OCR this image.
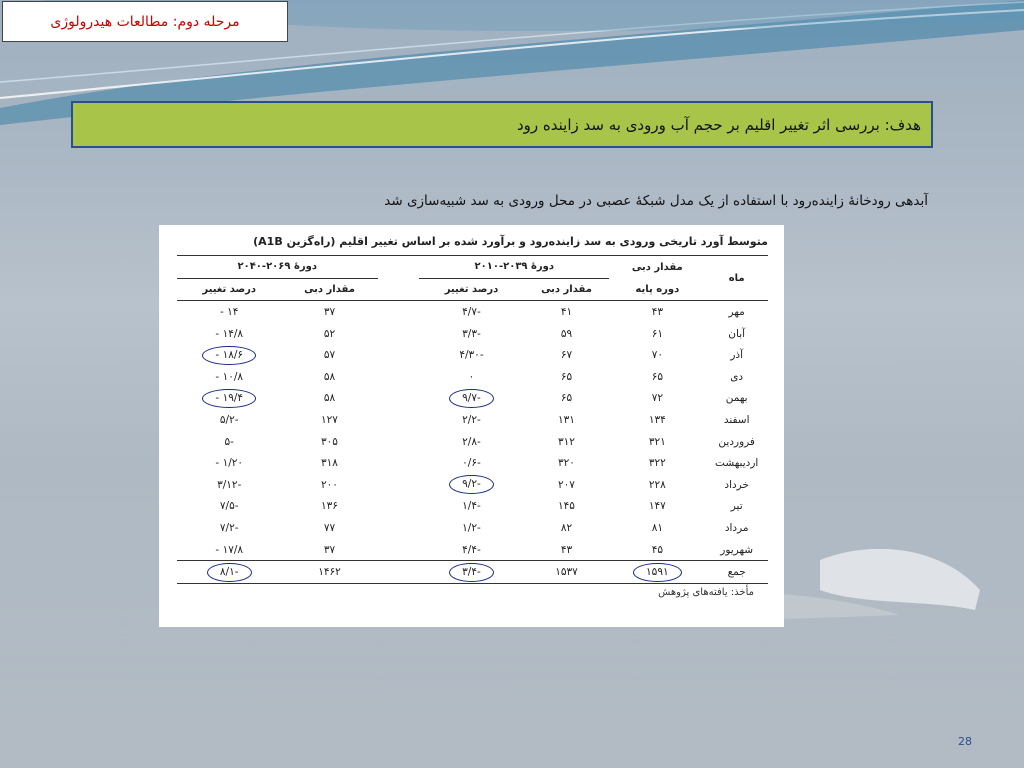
مرحله دوم: مطالعات هیدرولوژی
هدف: بررسی اثر تغییر اقلیم بر حجم آب ورودی به سد زاینده رود
آبدهی رودخانهٔ زاینده‌رود با استفاده از یک مدل شبکهٔ عصبی در محل ورودی به سد شبیه‌سازی شد
متوسط آورد تاریخی ورودی به سد زاینده‌رود و برآورد شده بر اساس تغییر اقلیم (راه‌گزین A1B)
ماه	مقدار دبی	دورهٔ ۲۰۳۹-۲۰۱۰			دورهٔ ۲۰۶۹-۲۰۴۰	
	دوره پایه	مقدار دبی	درصد تغییر		مقدار دبی	درصد تغییر
مهر	۴۳	۴۱	-۴/۷		۳۷	۱۴ -
آبان	۶۱	۵۹	-۳/۳		۵۲	۱۴/۸ -
آذر	۷۰	۶۷	-۴/۳۰		۵۷	۱۸/۶ -
دی	۶۵	۶۵	۰		۵۸	۱۰/۸ -
بهمن	۷۲	۶۵	-۹/۷		۵۸	۱۹/۴ -
اسفند	۱۳۴	۱۳۱	-۲/۲		۱۲۷	-۵/۲
فروردین	۳۲۱	۳۱۲	-۲/۸		۳۰۵	-۵
اردیبهشت	۳۲۲	۳۲۰	-۰/۶		۳۱۸	۱/۲۰ -
خرداد	۲۲۸	۲۰۷	-۹/۲		۲۰۰	-۳/۱۲
تیر	۱۴۷	۱۴۵	-۱/۴		۱۳۶	-۷/۵
مرداد	۸۱	۸۲	-۱/۲		۷۷	-۷/۲
شهریور	۴۵	۴۳	-۴/۴		۳۷	۱۷/۸ -
جمع	۱۵۹۱	۱۵۳۷	-۳/۴		۱۴۶۲	-۸/۱
مأخذ: یافته‌های پژوهش
28
